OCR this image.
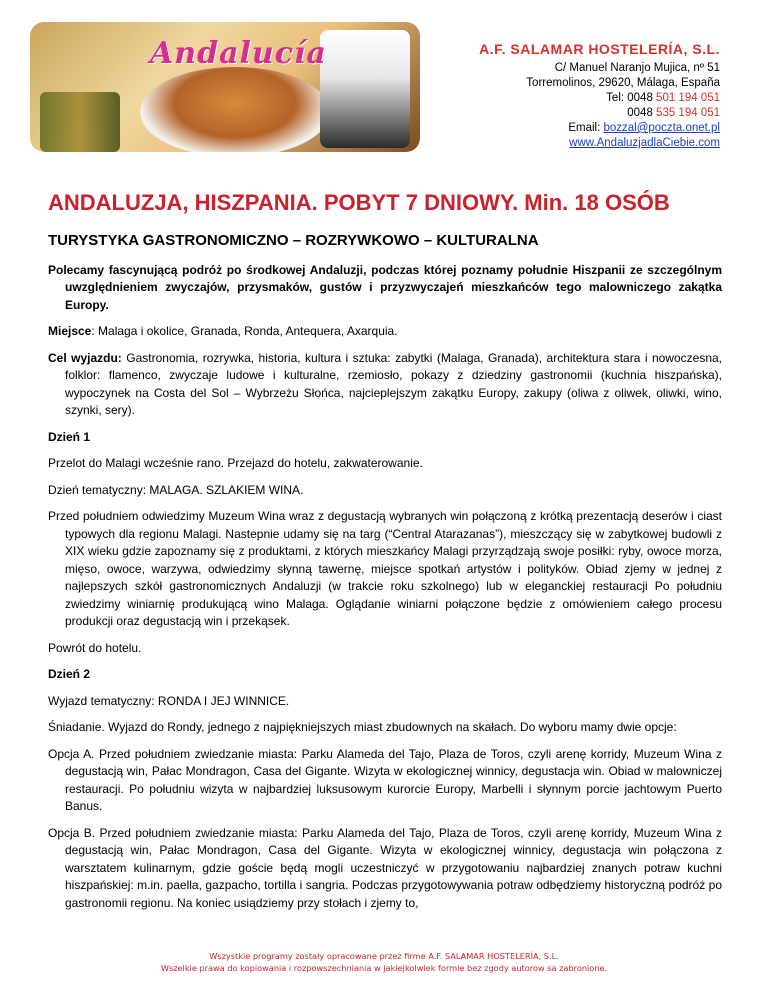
Andalucía	A.F. SALAMAR HOSTELERÍA, S.L.
C/ Manuel Naranjo Mujica, nº 51
Torremolinos, 29620, Málaga, España
Tel: 0048 501 194 051
0048 535 194 051
Email: bozzal@poczta.onet.pl
www.AndaluzjadlaCiebie.com
ANDALUZJA, HISZPANIA. POBYT 7 DNIOWY. Min. 18 OSÓB
TURYSTYKA GASTRONOMICZNO – ROZRYWKOWO – KULTURALNA

Polecamy fascynującą podróż po środkowej Andaluzji, podczas której poznamy południe Hiszpanii ze szczególnym uwzględnieniem zwyczajów, przysmaków, gustów i przyzwyczajeń mieszkańców tego malowniczego zakątka Europy.

Miejsce: Malaga i okolice, Granada, Ronda, Antequera, Axarquia.

Cel wyjazdu: Gastronomia, rozrywka, historia, kultura i sztuka: zabytki (Malaga, Granada), architektura stara i nowoczesna, folklor: flamenco, zwyczaje ludowe i kulturalne, rzemiosło, pokazy z dziedziny gastronomii (kuchnia hiszpańska), wypoczynek na Costa del Sol – Wybrzeżu Słońca, najcieplejszym zakątku Europy, zakupy (oliwa z oliwek, oliwki, wino, szynki, sery).

Dzień 1

Przelot do Malagi wcześnie rano. Przejazd do hotelu, zakwaterowanie.

Dzień tematyczny: MALAGA. SZLAKIEM WINA.

Przed południem odwiedzimy Muzeum Wina wraz z degustacją wybranych win połączoną z krótką prezentacją deserów i ciast typowych dla regionu Malagi. Nastepnie udamy się na targ (“Central Atarazanas”), mieszczący się w zabytkowej budowli z XIX wieku gdzie zapoznamy się z produktami, z których mieszkańcy Malagi przyrządzają swoje posiłki: ryby, owoce morza, mięso, owoce, warzywa, odwiedzimy słynną tawernę, miejsce spotkań artystów i polityków. Obiad zjemy w jednej z najlepszych szkół gastronomicznych Andaluzji (w trakcie roku szkolnego) lub w eleganckiej restauracji Po południu zwiedzimy winiarnię produkującą wino Malaga. Oglądanie winiarni połączone będzie z omówieniem całego procesu produkcji oraz degustacją win i przekąsek.

Powrót do hotelu.

Dzień 2

Wyjazd tematyczny: RONDA I JEJ WINNICE.

Śniadanie. Wyjazd do Rondy, jednego z najpiękniejszych miast zbudownych na skałach. Do wyboru mamy dwie opcje:

Opcja A. Przed południem zwiedzanie miasta: Parku Alameda del Tajo, Plaza de Toros, czyli arenę korridy, Muzeum Wina z degustacją win, Pałac Mondragon, Casa del Gigante. Wizyta w ekologicznej winnicy, degustacja win. Obiad w malowniczej restauracji. Po południu wizyta w najbardziej luksusowym kurorcie Europy, Marbelli i słynnym porcie jachtowym Puerto Banus.

Opcja B. Przed południem zwiedzanie miasta: Parku Alameda del Tajo, Plaza de Toros, czyli arenę korridy, Muzeum Wina z degustacją win, Pałac Mondragon, Casa del Gigante. Wizyta w ekologicznej winnicy, degustacja win połączona z warsztatem kulinarnym, gdzie goście będą mogli uczestniczyć w przygotowaniu najbardziej znanych potraw kuchni hiszpańskiej: m.in. paella, gazpacho, tortilla i sangria. Podczas przygotowywania potraw odbędziemy historyczną podróż po gastronomii regionu. Na koniec usiądziemy przy stołach i zjemy to,

Wszystkie programy zostały opracowane przez firme A.F. SALAMAR HOSTELERÍA, S.L.
Wszelkie prawa do kopiowania i rozpowszechniania w jakiejkolwiek formie bez zgody autorow sa zabronione.
